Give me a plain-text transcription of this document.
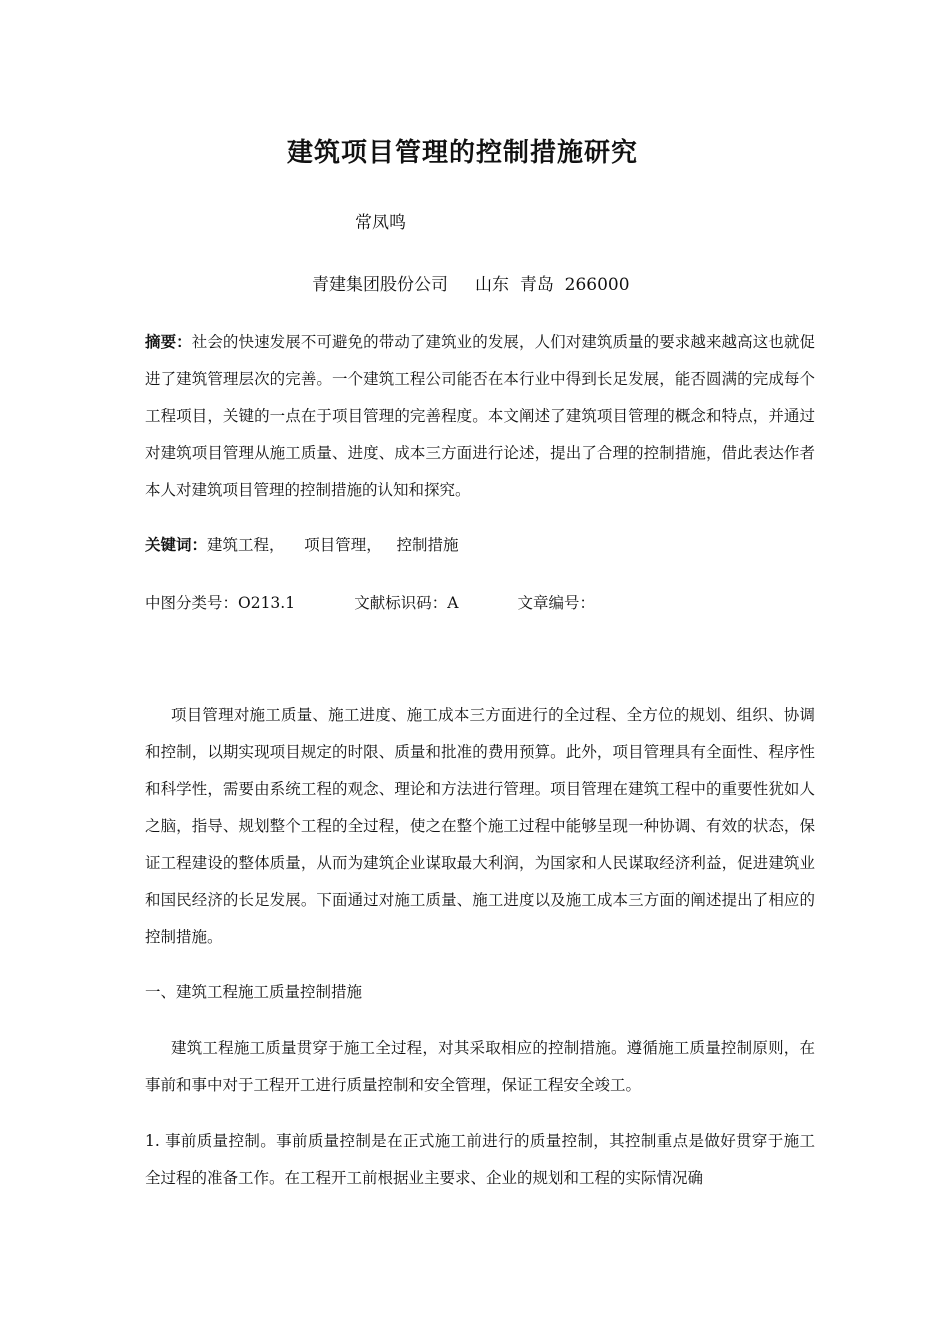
建筑项目管理的控制措施研究
常凤鸣
青建集团股份公司     山东  青岛  266000
摘要：社会的快速发展不可避免的带动了建筑业的发展，人们对建筑质量的要求越来越高这也就促进了建筑管理层次的完善。一个建筑工程公司能否在本行业中得到长足发展，能否圆满的完成每个工程项目，关键的一点在于项目管理的完善程度。本文阐述了建筑项目管理的概念和特点，并通过对建筑项目管理从施工质量、进度、成本三方面进行论述，提出了合理的控制措施，借此表达作者本人对建筑项目管理的控制措施的认知和探究。
关键词：建筑工程，    项目管理，   控制措施
中图分类号：O213.1            文献标识码：A            文章编号：
项目管理对施工质量、施工进度、施工成本三方面进行的全过程、全方位的规划、组织、协调和控制，以期实现项目规定的时限、质量和批准的费用预算。此外，项目管理具有全面性、程序性和科学性，需要由系统工程的观念、理论和方法进行管理。项目管理在建筑工程中的重要性犹如人之脑，指导、规划整个工程的全过程，使之在整个施工过程中能够呈现一种协调、有效的状态，保证工程建设的整体质量，从而为建筑企业谋取最大利润，为国家和人民谋取经济利益，促进建筑业和国民经济的长足发展。下面通过对施工质量、施工进度以及施工成本三方面的阐述提出了相应的控制措施。
一、建筑工程施工质量控制措施
建筑工程施工质量贯穿于施工全过程，对其采取相应的控制措施。遵循施工质量控制原则，在事前和事中对于工程开工进行质量控制和安全管理，保证工程安全竣工。
1. 事前质量控制。事前质量控制是在正式施工前进行的质量控制，其控制重点是做好贯穿于施工全过程的准备工作。在工程开工前根据业主要求、企业的规划和工程的实际情况确
